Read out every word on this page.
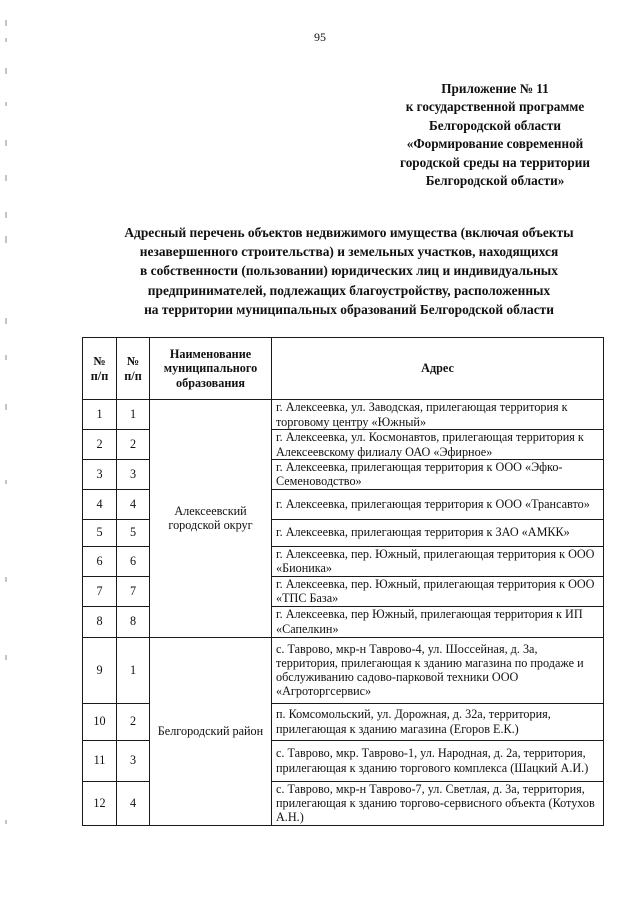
95
Приложение № 11
к государственной программе
Белгородской области
«Формирование современной
городской среды на территории
Белгородской области»
Адресный перечень объектов недвижимого имущества (включая объекты
незавершенного строительства) и земельных участков, находящихся
в собственности (пользовании) юридических лиц и индивидуальных
предпринимателей, подлежащих благоустройству, расположенных
на территории муниципальных образований Белгородской области
№ п/п	№ п/п	Наименование муниципального образования	Адрес
1	1	Алексеевский городской округ	г. Алексеевка, ул. Заводская, прилегающая территория к торговому центру «Южный»
2	2		г. Алексеевка, ул. Космонавтов, прилегающая территория к Алексеевскому филиалу ОАО «Эфирное»
3	3		г. Алексеевка, прилегающая территория к ООО «Эфко-Семеноводство»
4	4		г. Алексеевка, прилегающая территория к ООО «Трансавто»
5	5		г. Алексеевка, прилегающая территория к ЗАО «АМКК»
6	6		г. Алексеевка, пер. Южный, прилегающая территория к ООО «Бионика»
7	7		г. Алексеевка, пер. Южный, прилегающая территория к ООО «ТПС База»
8	8		г. Алексеевка, пер Южный, прилегающая территория к ИП «Сапелкин»
9	1	Белгородский район	с. Таврово, мкр-н Таврово-4, ул. Шоссейная, д. 3а, территория, прилегающая к зданию магазина по продаже и обслуживанию садово-парковой техники ООО «Агроторгсервис»
10	2		п. Комсомольский, ул. Дорожная, д. 32а, территория, прилегающая к зданию магазина (Егоров Е.К.)
11	3		с. Таврово, мкр. Таврово-1, ул. Народная, д. 2а, территория, прилегающая к зданию торгового комплекса (Шацкий А.И.)
12	4		с. Таврово, мкр-н Таврово-7, ул. Светлая, д. 3а, территория, прилегающая к зданию торгово-сервисного объекта (Котухов А.Н.)
